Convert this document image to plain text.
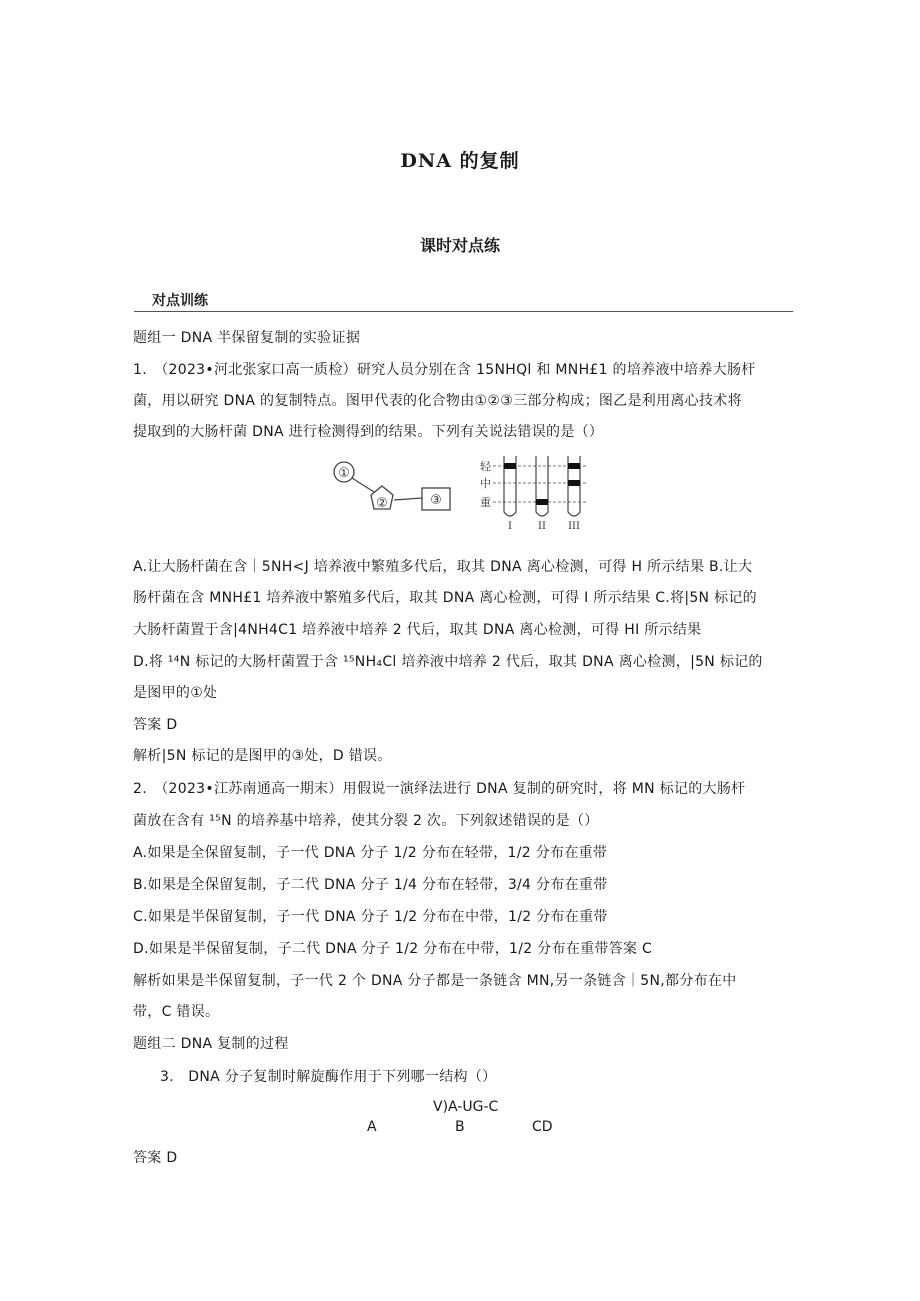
DNA 的复制
课时对点练
对点训练
题组一 DNA 半保留复制的实验证据
1.　（2023•河北张家口高一质检）研究人员分别在含 15NHQl 和 MNH£1 的培养液中培养大肠杆
菌，用以研究 DNA 的复制特点。图甲代表的化合物由①②③三部分构成；图乙是利用离心技术将
提取到的大肠杆菌 DNA 进行检测得到的结果。下列有关说法错误的是（）
①
②	③
轻
中
重
I	II III
A.让大肠杆菌在含｜5NH<J 培养液中繁殖多代后，取其 DNA 离心检测，可得 H 所示结果 B.让大
肠杆菌在含 MNH£1 培养液中繁殖多代后，取其 DNA 离心检测，可得 I 所示结果 C.将|5N 标记的
大肠杆菌置于含|4NH4C1 培养液中培养 2 代后，取其 DNA 离心检测，可得 HI 所示结果
D.将 ¹⁴N 标记的大肠杆菌置于含 ¹⁵NH₄Cl 培养液中培养 2 代后，取其 DNA 离心检测，|5N 标记的
是图甲的①处
答案 D
解析|5N 标记的是图甲的③处，D 错误。
2.　（2023•江苏南通高一期末）用假说一演绎法进行 DNA 复制的研究时，将 MN 标记的大肠杆
菌放在含有 ¹⁵N 的培养基中培养，使其分裂 2 次。下列叙述错误的是（）
A.如果是全保留复制，子一代 DNA 分子 1/2 分布在轻带，1/2 分布在重带
B.如果是全保留复制，子二代 DNA 分子 1/4 分布在轻带，3/4 分布在重带
C.如果是半保留复制，子一代 DNA 分子 1/2 分布在中带，1/2 分布在重带
D.如果是半保留复制，子二代 DNA 分子 1/2 分布在中带，1/2 分布在重带答案 C
解析如果是半保留复制，子一代 2 个 DNA 分子都是一条链含 MN,另一条链含｜5N,都分布在中
带，C 错误。
题组二 DNA 复制的过程
3.　DNA 分子复制时解旋酶作用于下列哪一结构（）
V)A-UG-C
A	B	CD
答案 D
